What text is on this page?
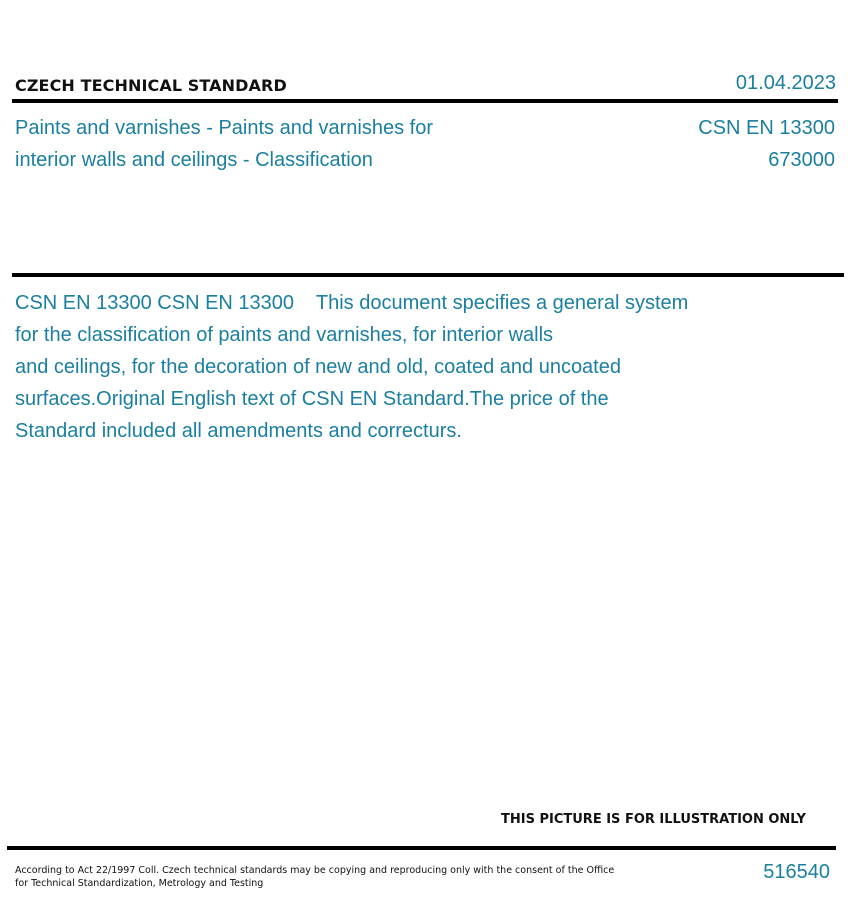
CZECH TECHNICAL STANDARD	01.04.2023
Paints and varnishes - Paints and varnishes for
interior walls and ceilings - Classification
CSN EN 13300
673000
CSN EN 13300 CSN EN 13300    This document specifies a general system
for the classification of paints and varnishes, for interior walls
and ceilings, for the decoration of new and old, coated and uncoated
surfaces.Original English text of CSN EN Standard.The price of the
Standard included all amendments and correcturs.
THIS PICTURE IS FOR ILLUSTRATION ONLY
According to Act 22/1997 Coll. Czech technical standards may be copying and reproducing only with the consent of the Office
for Technical Standardization, Metrology and Testing
516540
